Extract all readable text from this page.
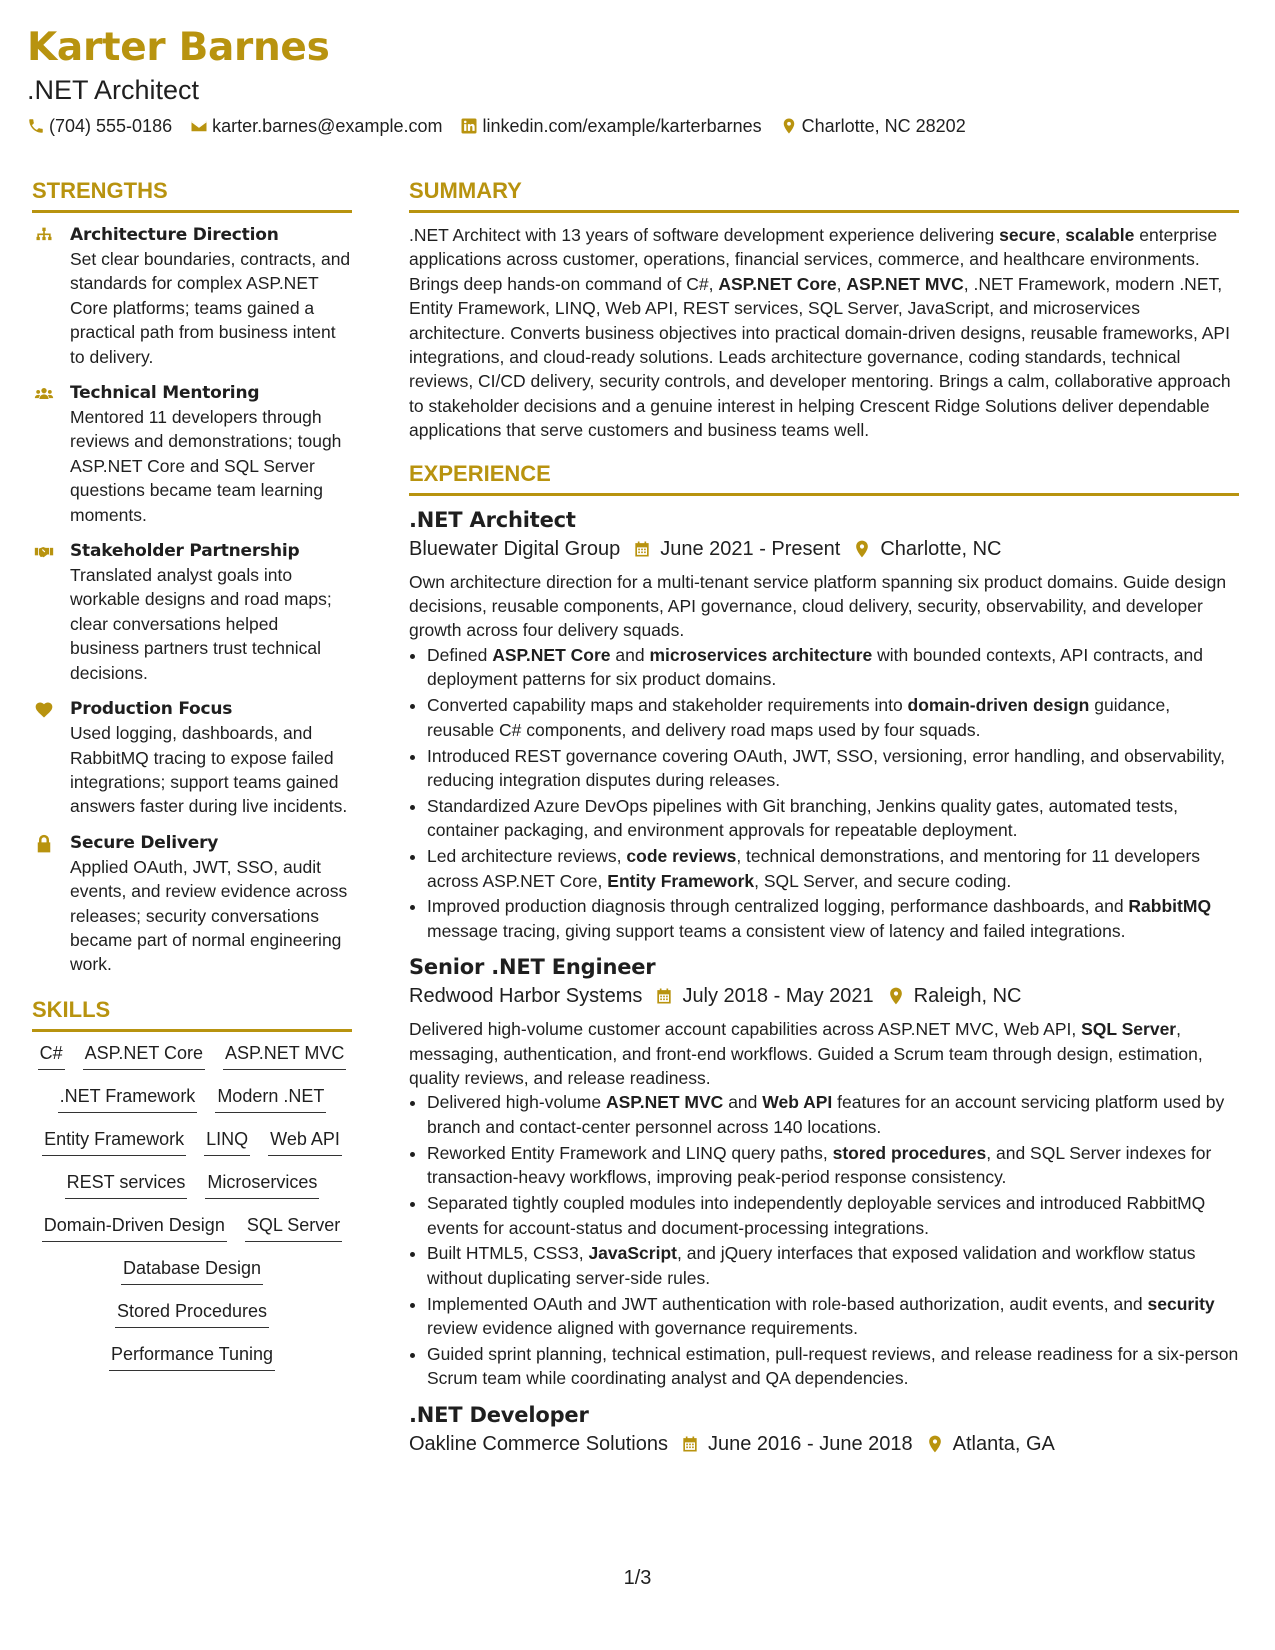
Karter Barnes
.NET Architect
(704) 555-0186 karter.barnes@example.com linkedin.com/example/karterbarnes Charlotte, NC 28202
STRENGTHS
Architecture Direction
Set clear boundaries, contracts, and standards for complex ASP.NET Core platforms; teams gained a practical path from business intent to delivery.
Technical Mentoring
Mentored 11 developers through reviews and demonstrations; tough ASP.NET Core and SQL Server questions became team learning moments.
Stakeholder Partnership
Translated analyst goals into workable designs and road maps; clear conversations helped business partners trust technical decisions.
Production Focus
Used logging, dashboards, and RabbitMQ tracing to expose failed integrations; support teams gained answers faster during live incidents.
Secure Delivery
Applied OAuth, JWT, SSO, audit events, and review evidence across releases; security conversations became part of normal engineering work.
SKILLS
C# ASP.NET Core ASP.NET MVC
.NET Framework Modern .NET
Entity Framework LINQ Web API
REST services Microservices
Domain-Driven Design SQL Server
Database Design
Stored Procedures
Performance Tuning
SUMMARY
.NET Architect with 13 years of software development experience delivering secure, scalable enterprise applications across customer, operations, financial services, commerce, and healthcare environments. Brings deep hands-on command of C#, ASP.NET Core, ASP.NET MVC, .NET Framework, modern .NET, Entity Framework, LINQ, Web API, REST services, SQL Server, JavaScript, and microservices architecture. Converts business objectives into practical domain-driven designs, reusable frameworks, API integrations, and cloud-ready solutions. Leads architecture governance, coding standards, technical reviews, CI/CD delivery, security controls, and developer mentoring. Brings a calm, collaborative approach to stakeholder decisions and a genuine interest in helping Crescent Ridge Solutions deliver dependable applications that serve customers and business teams well.
EXPERIENCE
.NET Architect
Bluewater Digital Group June 2021 - Present Charlotte, NC
Own architecture direction for a multi-tenant service platform spanning six product domains. Guide design decisions, reusable components, API governance, cloud delivery, security, observability, and developer growth across four delivery squads.
• Defined ASP.NET Core and microservices architecture with bounded contexts, API contracts, and deployment patterns for six product domains.
• Converted capability maps and stakeholder requirements into domain-driven design guidance, reusable C# components, and delivery road maps used by four squads.
• Introduced REST governance covering OAuth, JWT, SSO, versioning, error handling, and observability, reducing integration disputes during releases.
• Standardized Azure DevOps pipelines with Git branching, Jenkins quality gates, automated tests, container packaging, and environment approvals for repeatable deployment.
• Led architecture reviews, code reviews, technical demonstrations, and mentoring for 11 developers across ASP.NET Core, Entity Framework, SQL Server, and secure coding.
• Improved production diagnosis through centralized logging, performance dashboards, and RabbitMQ message tracing, giving support teams a consistent view of latency and failed integrations.
Senior .NET Engineer
Redwood Harbor Systems July 2018 - May 2021 Raleigh, NC
Delivered high-volume customer account capabilities across ASP.NET MVC, Web API, SQL Server, messaging, authentication, and front-end workflows. Guided a Scrum team through design, estimation, quality reviews, and release readiness.
• Delivered high-volume ASP.NET MVC and Web API features for an account servicing platform used by branch and contact-center personnel across 140 locations.
• Reworked Entity Framework and LINQ query paths, stored procedures, and SQL Server indexes for transaction-heavy workflows, improving peak-period response consistency.
• Separated tightly coupled modules into independently deployable services and introduced RabbitMQ events for account-status and document-processing integrations.
• Built HTML5, CSS3, JavaScript, and jQuery interfaces that exposed validation and workflow status without duplicating server-side rules.
• Implemented OAuth and JWT authentication with role-based authorization, audit events, and security review evidence aligned with governance requirements.
• Guided sprint planning, technical estimation, pull-request reviews, and release readiness for a six-person Scrum team while coordinating analyst and QA dependencies.
.NET Developer
Oakline Commerce Solutions June 2016 - June 2018 Atlanta, GA
1/3
